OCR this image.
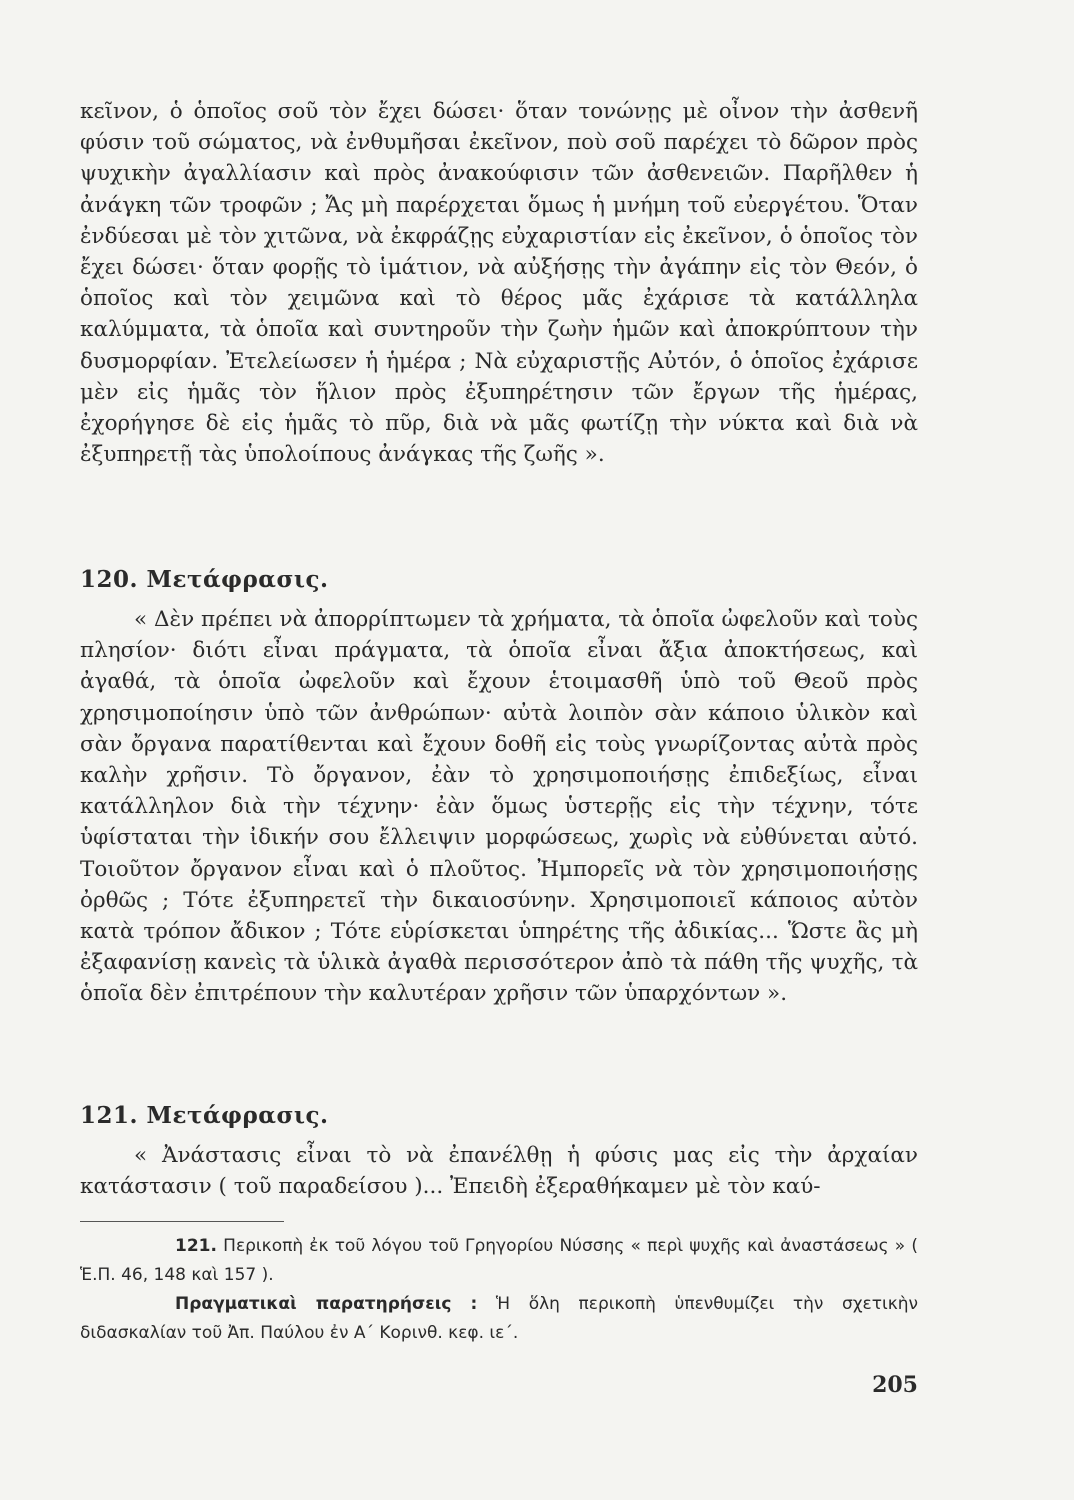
κεῖνον, ὁ ὁποῖος σοῦ τὸν ἔχει δώσει· ὅταν τονώνῃς μὲ οἶνον τὴν ἀσθενῆ φύσιν τοῦ σώματος, νὰ ἐνθυμῆσαι ἐκεῖνον, ποὺ σοῦ παρέχει τὸ δῶρον πρὸς ψυχικὴν ἀγαλλίασιν καὶ πρὸς ἀνακούφισιν τῶν ἀσθενειῶν. Παρῆλθεν ἡ ἀνάγκη τῶν τροφῶν ; Ἄς μὴ παρέρχεται ὅμως ἡ μνήμη τοῦ εὐεργέτου. Ὅταν ἐνδύεσαι μὲ τὸν χιτῶνα, νὰ ἐκφράζῃς εὐχαριστίαν εἰς ἐκεῖνον, ὁ ὁποῖος τὸν ἔχει δώσει· ὅταν φορῇς τὸ ἱμάτιον, νὰ αὐξήσῃς τὴν ἀγάπην εἰς τὸν Θεόν, ὁ ὁποῖος καὶ τὸν χειμῶνα καὶ τὸ θέρος μᾶς ἐχάρισε τὰ κατάλληλα καλύμματα, τὰ ὁποῖα καὶ συντηροῦν τὴν ζωὴν ἡμῶν καὶ ἀποκρύπτουν τὴν δυσμορφίαν. Ἐτελείωσεν ἡ ἡμέρα ; Νὰ εὐχαριστῇς Αὐτόν, ὁ ὁποῖος ἐχάρισε μὲν εἰς ἡμᾶς τὸν ἥλιον πρὸς ἐξυπηρέτησιν τῶν ἔργων τῆς ἡμέρας, ἐχορήγησε δὲ εἰς ἡμᾶς τὸ πῦρ, διὰ νὰ μᾶς φωτίζῃ τὴν νύκτα καὶ διὰ νὰ ἐξυπηρετῇ τὰς ὑπολοίπους ἀνάγκας τῆς ζωῆς ».

120. Μετάφρασις.

« Δὲν πρέπει νὰ ἀπορρίπτωμεν τὰ χρήματα, τὰ ὁποῖα ὠφελοῦν καὶ τοὺς πλησίον· διότι εἶναι πράγματα, τὰ ὁποῖα εἶναι ἄξια ἀποκτήσεως, καὶ ἀγαθά, τὰ ὁποῖα ὠφελοῦν καὶ ἔχουν ἑτοιμασθῆ ὑπὸ τοῦ Θεοῦ πρὸς χρησιμοποίησιν ὑπὸ τῶν ἀνθρώπων· αὐτὰ λοιπὸν σὰν κάποιο ὑλικὸν καὶ σὰν ὄργανα παρατίθενται καὶ ἔχουν δοθῆ εἰς τοὺς γνωρίζοντας αὐτὰ πρὸς καλὴν χρῆσιν. Τὸ ὄργανον, ἐὰν τὸ χρησιμοποιήσῃς ἐπιδεξίως, εἶναι κατάλληλον διὰ τὴν τέχνην· ἐὰν ὅμως ὑστερῇς εἰς τὴν τέχνην, τότε ὑφίσταται τὴν ἰδικήν σου ἔλλειψιν μορφώσεως, χωρὶς νὰ εὐθύνεται αὐτό. Τοιοῦτον ὄργανον εἶναι καὶ ὁ πλοῦτος. Ἠμπορεῖς νὰ τὸν χρησιμοποιήσῃς ὀρθῶς ; Τότε ἐξυπηρετεῖ τὴν δικαιοσύνην. Χρησιμοποιεῖ κάποιος αὐτὸν κατὰ τρόπον ἄδικον ; Τότε εὑρίσκεται ὑπηρέτης τῆς ἀδικίας... Ὥστε ἂς μὴ ἐξαφανίσῃ κανεὶς τὰ ὑλικὰ ἀγαθὰ περισσότερον ἀπὸ τὰ πάθη τῆς ψυχῆς, τὰ ὁποῖα δὲν ἐπιτρέπουν τὴν καλυτέραν χρῆσιν τῶν ὑπαρχόντων ».

121. Μετάφρασις.

« Ἀνάστασις εἶναι τὸ νὰ ἐπανέλθῃ ἡ φύσις μας εἰς τὴν ἀρχαίαν κατάστασιν ( τοῦ παραδείσου )... Ἐπειδὴ ἐξεραθήκαμεν μὲ τὸν καύ-

121. Περικοπὴ ἐκ τοῦ λόγου τοῦ Γρηγορίου Νύσσης « περὶ ψυχῆς καὶ ἀναστάσεως » ( Ἑ.Π. 46, 148 καὶ 157 ).

Πραγματικαὶ παρατηρήσεις : Ἡ ὅλη περικοπὴ ὑπενθυμίζει τὴν σχετικὴν διδασκαλίαν τοῦ Ἀπ. Παύλου ἐν Α΄ Κορινθ. κεφ. ιε΄.

205
